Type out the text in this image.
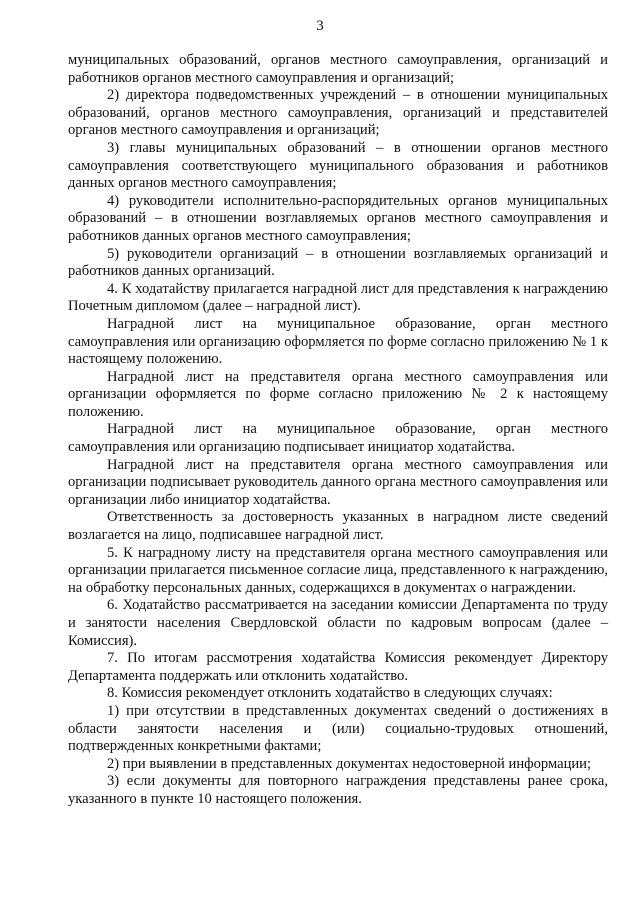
3

муниципальных образований, органов местного самоуправления, организаций и работников органов местного самоуправления и организаций;

2) директора подведомственных учреждений – в отношении муниципальных образований, органов местного самоуправления, организаций и представителей органов местного самоуправления и организаций;

3) главы муниципальных образований – в отношении органов местного самоуправления соответствующего муниципального образования и работников данных органов местного самоуправления;

4) руководители исполнительно-распорядительных органов муниципальных образований – в отношении возглавляемых органов местного самоуправления и работников данных органов местного самоуправления;

5) руководители организаций – в отношении возглавляемых организаций и работников данных организаций.

4. К ходатайству прилагается наградной лист для представления к награждению Почетным дипломом (далее – наградной лист).

Наградной лист на муниципальное образование, орган местного самоуправления или организацию оформляется по форме согласно приложению № 1 к настоящему положению.

Наградной лист на представителя органа местного самоуправления или организации оформляется по форме согласно приложению № 2 к настоящему положению.

Наградной лист на муниципальное образование, орган местного самоуправления или организацию подписывает инициатор ходатайства.

Наградной лист на представителя органа местного самоуправления или организации подписывает руководитель данного органа местного самоуправления или организации либо инициатор ходатайства.

Ответственность за достоверность указанных в наградном листе сведений возлагается на лицо, подписавшее наградной лист.

5. К наградному листу на представителя органа местного самоуправления или организации прилагается письменное согласие лица, представленного к награждению, на обработку персональных данных, содержащихся в документах о награждении.

6. Ходатайство рассматривается на заседании комиссии Департамента по труду и занятости населения Свердловской области по кадровым вопросам (далее – Комиссия).

7. По итогам рассмотрения ходатайства Комиссия рекомендует Директору Департамента поддержать или отклонить ходатайство.

8. Комиссия рекомендует отклонить ходатайство в следующих случаях:

1) при отсутствии в представленных документах сведений о достижениях в области занятости населения и (или) социально-трудовых отношений, подтвержденных конкретными фактами;

2) при выявлении в представленных документах недостоверной информации;

3) если документы для повторного награждения представлены ранее срока, указанного в пункте 10 настоящего положения.
